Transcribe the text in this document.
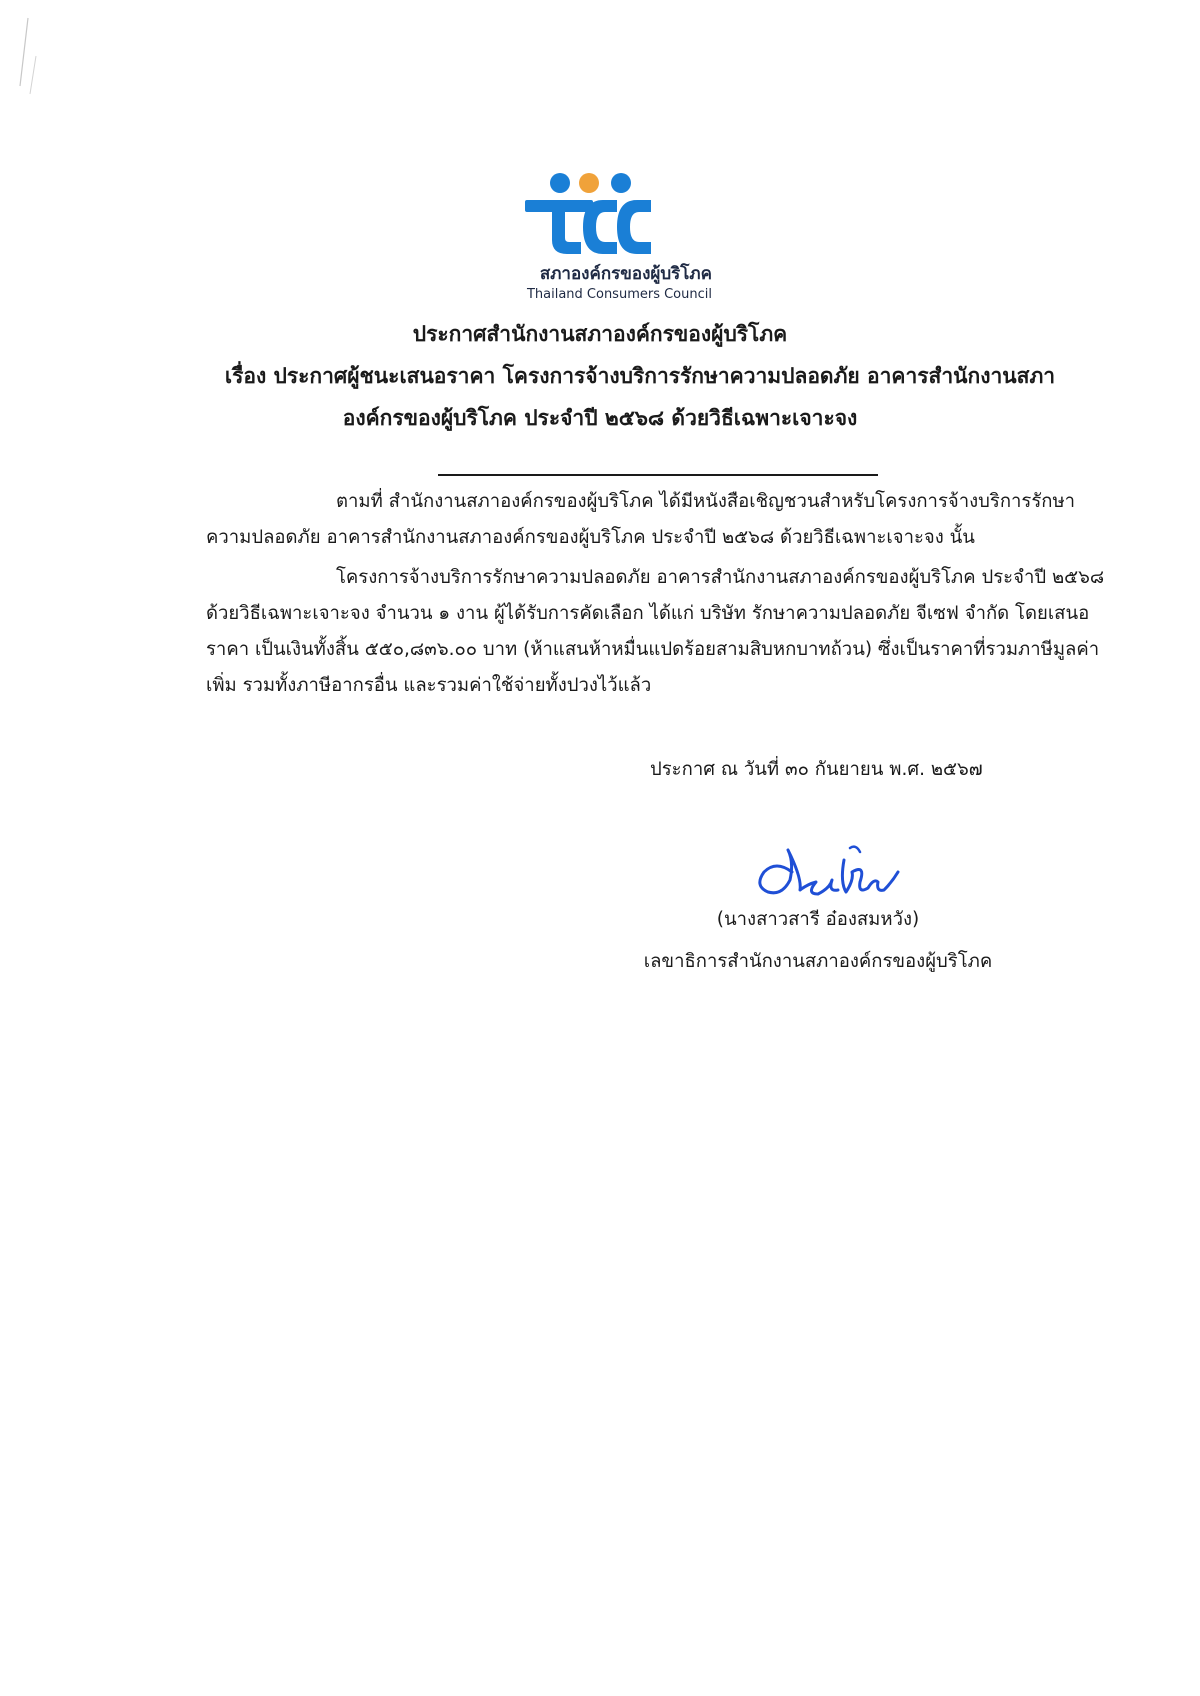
สภาองค์กรของผู้บริโภค
Thailand Consumers Council
ประกาศสำนักงานสภาองค์กรของผู้บริโภค
เรื่อง ประกาศผู้ชนะเสนอราคา โครงการจ้างบริการรักษาความปลอดภัย อาคารสำนักงานสภา
องค์กรของผู้บริโภค ประจำปี ๒๕๖๘ ด้วยวิธีเฉพาะเจาะจง
ตามที่ สำนักงานสภาองค์กรของผู้บริโภค ได้มีหนังสือเชิญชวนสำหรับโครงการจ้างบริการรักษาความปลอดภัย อาคารสำนักงานสภาองค์กรของผู้บริโภค ประจำปี ๒๕๖๘ ด้วยวิธีเฉพาะเจาะจง นั้น
โครงการจ้างบริการรักษาความปลอดภัย อาคารสำนักงานสภาองค์กรของผู้บริโภค ประจำปี ๒๕๖๘ ด้วยวิธีเฉพาะเจาะจง จำนวน ๑ งาน ผู้ได้รับการคัดเลือก ได้แก่ บริษัท รักษาความปลอดภัย จีเซฟ จำกัด โดยเสนอราคา เป็นเงินทั้งสิ้น ๕๕๐,๘๓๖.๐๐ บาท (ห้าแสนห้าหมื่นแปดร้อยสามสิบหกบาทถ้วน) ซึ่งเป็นราคาที่รวมภาษีมูลค่าเพิ่ม รวมทั้งภาษีอากรอื่น และรวมค่าใช้จ่ายทั้งปวงไว้แล้ว
ประกาศ ณ วันที่ ๓๐ กันยายน พ.ศ. ๒๕๖๗
(นางสาวสารี อ๋องสมหวัง)
เลขาธิการสำนักงานสภาองค์กรของผู้บริโภค
